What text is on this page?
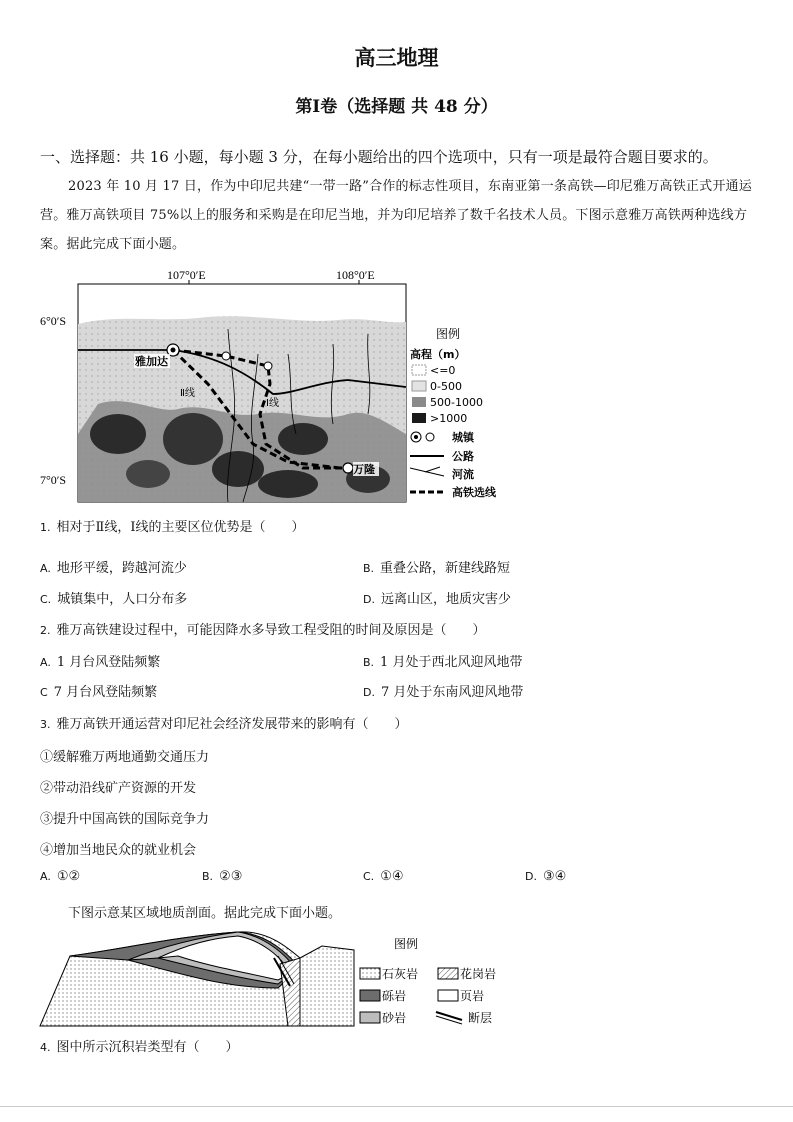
高三地理
第Ⅰ卷（选择题 共 48 分）
一、选择题：共 16 小题，每小题 3 分，在每小题给出的四个选项中，只有一项是最符合题目要求的。
2023 年 10 月 17 日，作为中印尼共建“一带一路”合作的标志性项目，东南亚第一条高铁—印尼雅万高铁正式开通运营。雅万高铁项目 75%以上的服务和采购是在印尼当地，并为印尼培养了数千名技术人员。下图示意雅万高铁两种选线方案。据此完成下面小题。
107°0′E	108°0′E
6°0′S
7°0′S
雅加达
万隆
Ⅱ线
Ⅰ线
图例
高程（m）
<=0
0-500
500-1000
>1000
城镇
公路
河流
高铁选线
1. 相对于Ⅱ线，Ⅰ线的主要区位优势是（　　）
A. 地形平缓，跨越河流少	B. 重叠公路，新建线路短
C. 城镇集中，人口分布多	D. 远离山区，地质灾害少
2. 雅万高铁建设过程中，可能因降水多导致工程受阻的时间及原因是（　　）
A. 1 月台风登陆频繁	B. 1 月处于西北风迎风地带
C 7 月台风登陆频繁	D. 7 月处于东南风迎风地带
3. 雅万高铁开通运营对印尼社会经济发展带来的影响有（　　）
①缓解雅万两地通勤交通压力
②带动沿线矿产资源的开发
③提升中国高铁的国际竞争力
④增加当地民众的就业机会
A. ①②	B. ②③	C. ①④	D. ③④
下图示意某区域地质剖面。据此完成下面小题。
图例
石灰岩	花岗岩
砾岩	页岩
砂岩	断层
4. 图中所示沉积岩类型有（　　）
